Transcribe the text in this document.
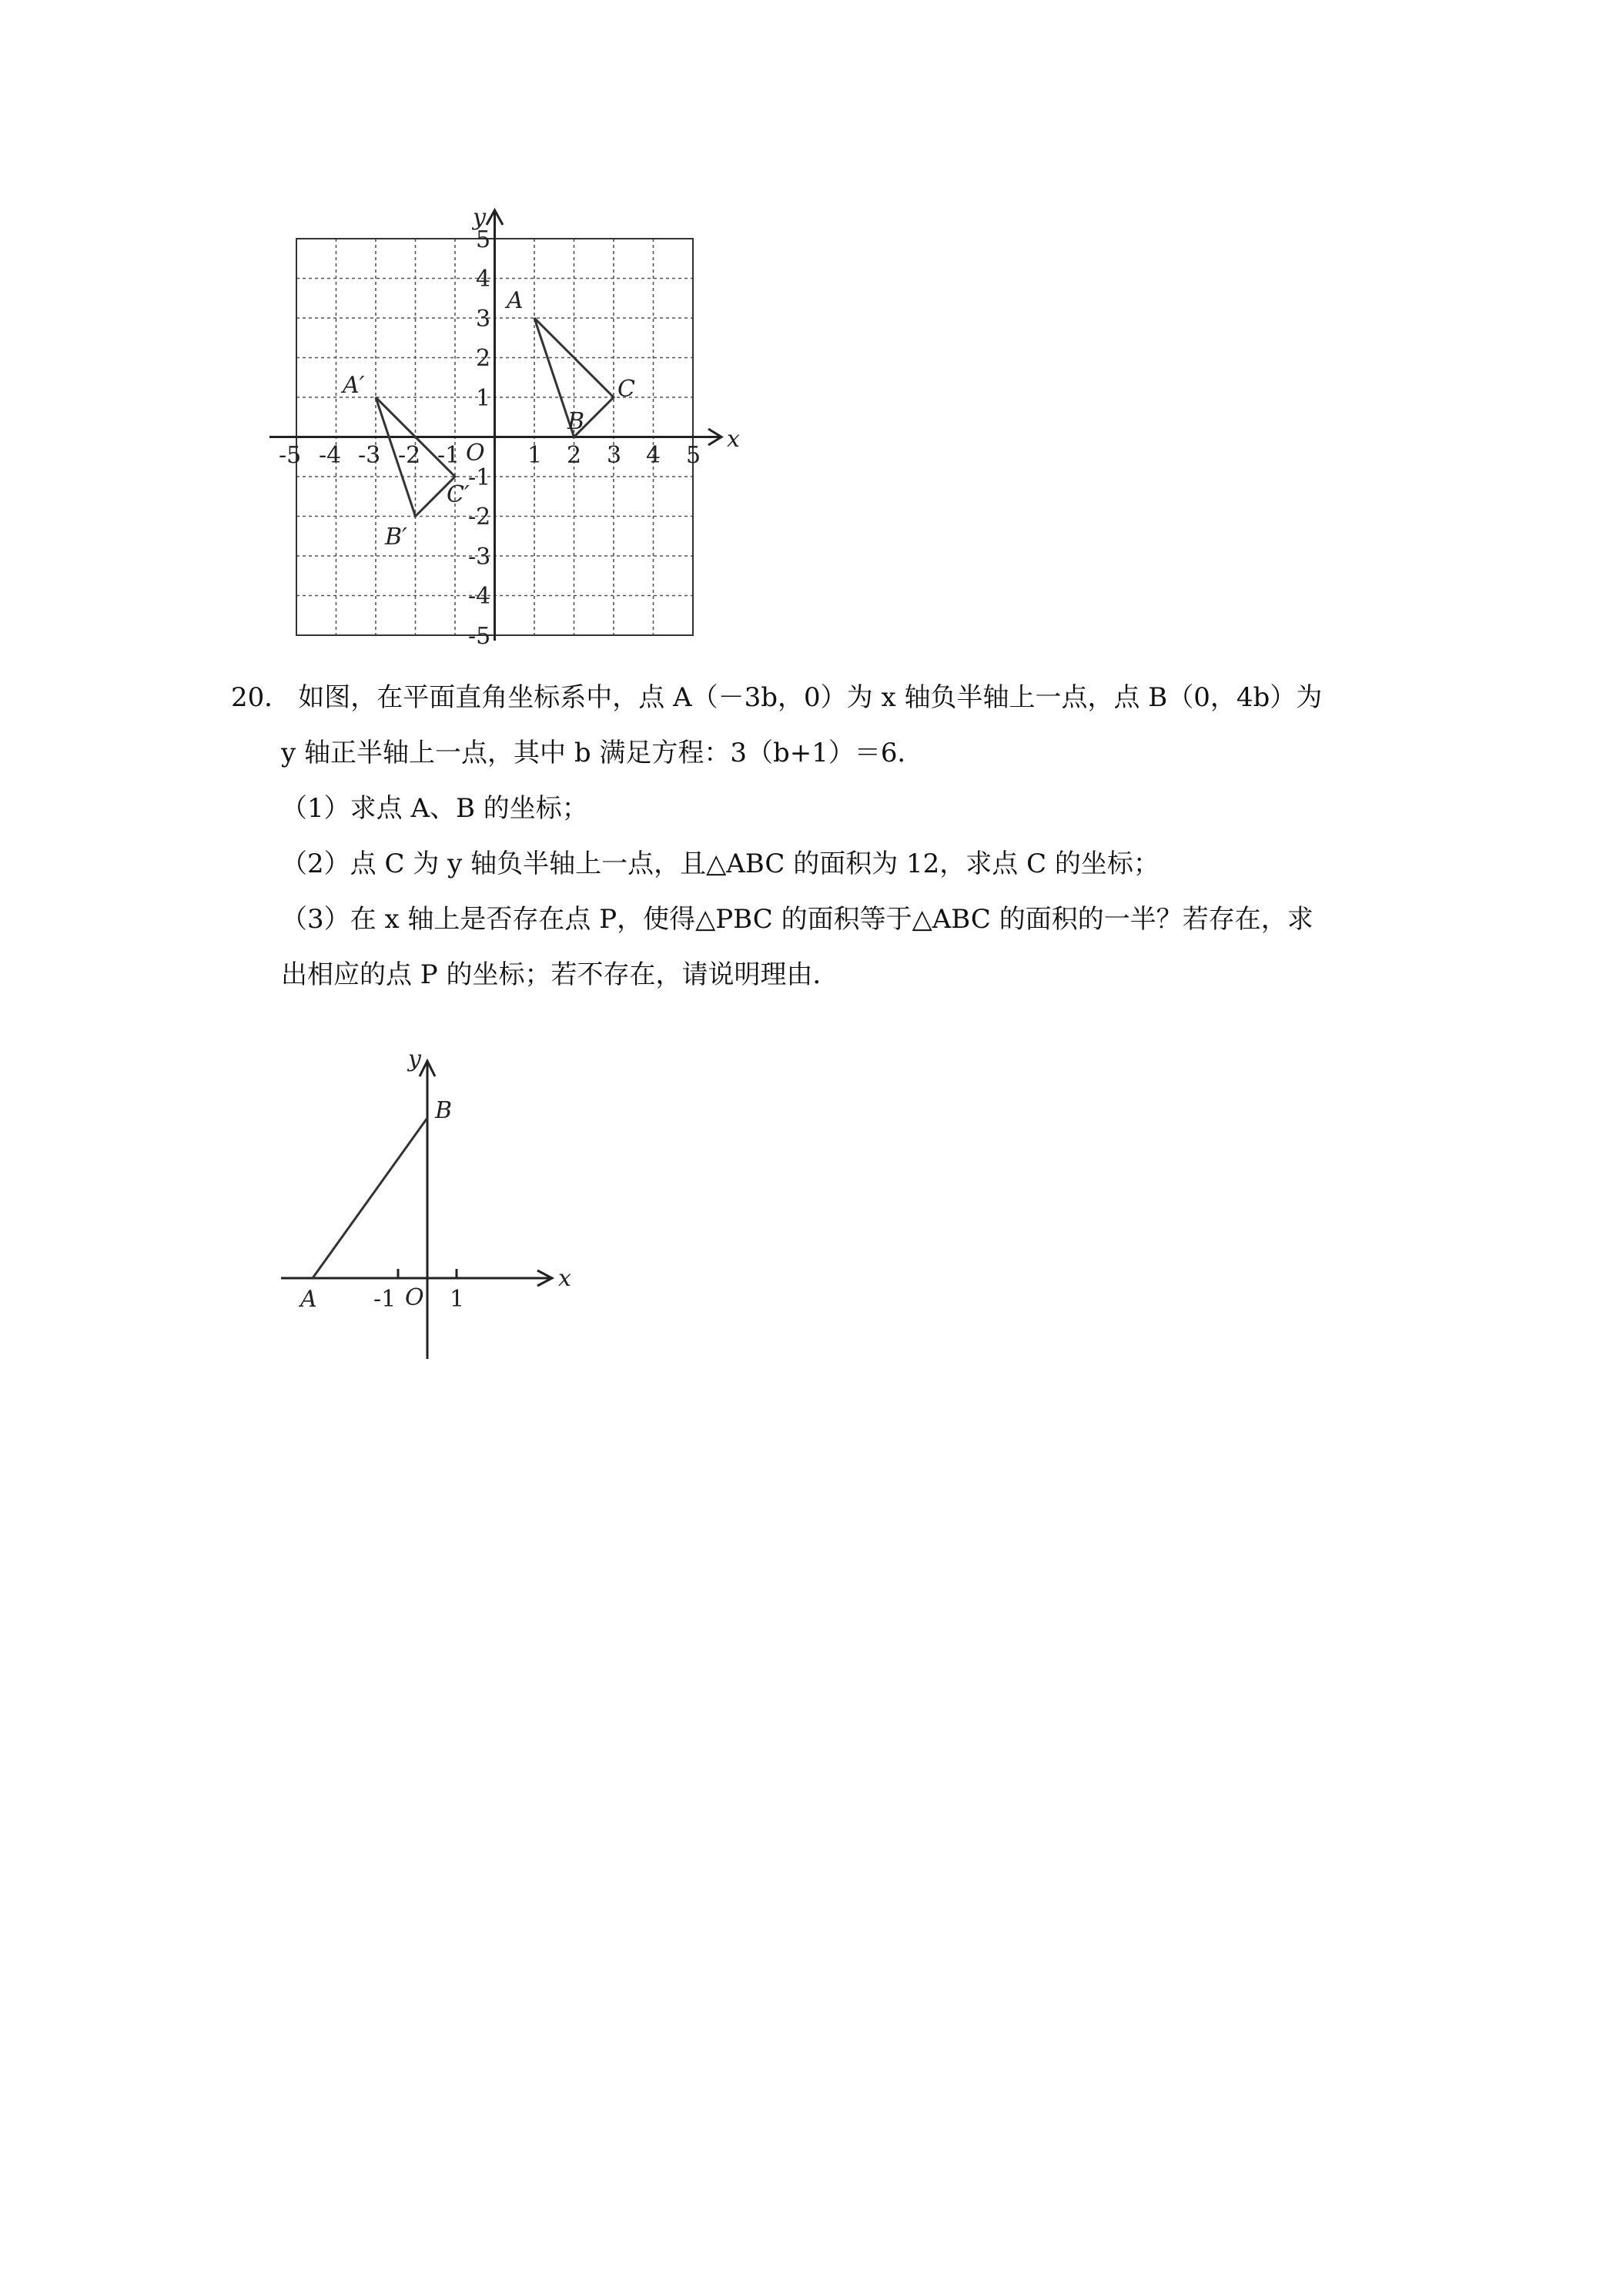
x
y
O
-5 -4 -3 -2 -1	1 2 3 4 5
5
4
3
2
1
-1
-2
-3
-4
-5
A
B
C
A′
B′
C′
20． 如图，在平面直角坐标系中，点 A（－3b，0）为 x 轴负半轴上一点，点 B（0，4b）为
y 轴正半轴上一点，其中 b 满足方程：3（b+1）＝6．
（1）求点 A、B 的坐标；
（2）点 C 为 y 轴负半轴上一点，且△ABC 的面积为 12，求点 C 的坐标；
（3）在 x 轴上是否存在点 P，使得△PBC 的面积等于△ABC 的面积的一半？若存在，求
出相应的点 P 的坐标；若不存在，请说明理由．
x
y
B
A -1 O 1
